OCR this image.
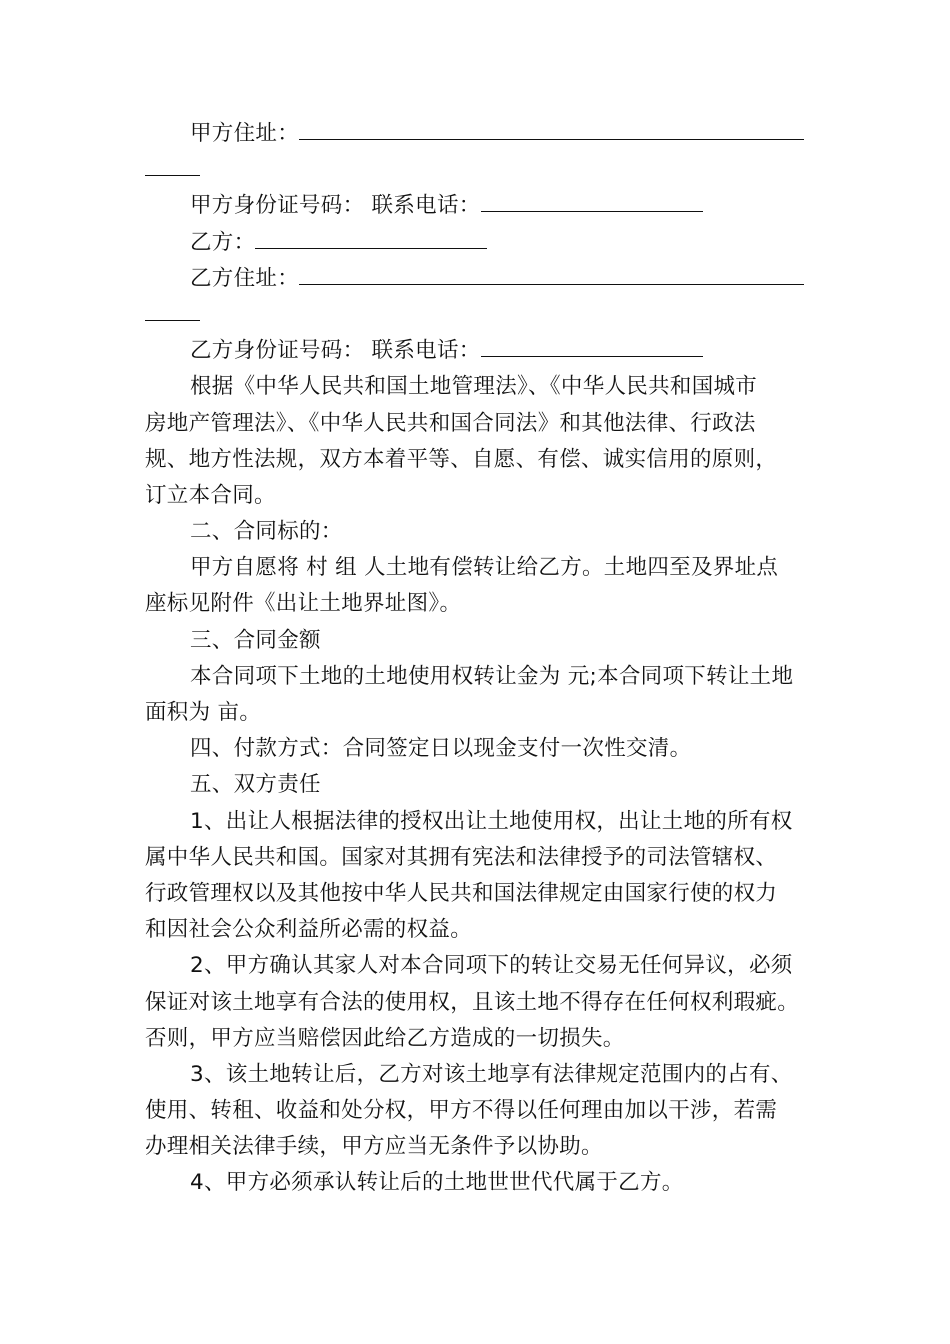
甲方住址：
甲方身份证号码： 联系电话：
乙方：
乙方住址：
乙方身份证号码： 联系电话：
根据《中华人民共和国土地管理法》、《中华人民共和国城市
房地产管理法》、《中华人民共和国合同法》和其他法律、行政法
规、地方性法规，双方本着平等、自愿、有偿、诚实信用的原则，
订立本合同。
二、合同标的：
甲方自愿将 村 组 人土地有偿转让给乙方。土地四至及界址点
座标见附件《出让土地界址图》。
三、合同金额
本合同项下土地的土地使用权转让金为 元;本合同项下转让土地
面积为 亩。
四、付款方式：合同签定日以现金支付一次性交清。
五、双方责任
1、出让人根据法律的授权出让土地使用权，出让土地的所有权
属中华人民共和国。国家对其拥有宪法和法律授予的司法管辖权、
行政管理权以及其他按中华人民共和国法律规定由国家行使的权力
和因社会公众利益所必需的权益。
2、甲方确认其家人对本合同项下的转让交易无任何异议，必须
保证对该土地享有合法的使用权，且该土地不得存在任何权利瑕疵。
否则，甲方应当赔偿因此给乙方造成的一切损失。
3、该土地转让后，乙方对该土地享有法律规定范围内的占有、
使用、转租、收益和处分权，甲方不得以任何理由加以干涉，若需
办理相关法律手续，甲方应当无条件予以协助。
4、甲方必须承认转让后的土地世世代代属于乙方。
